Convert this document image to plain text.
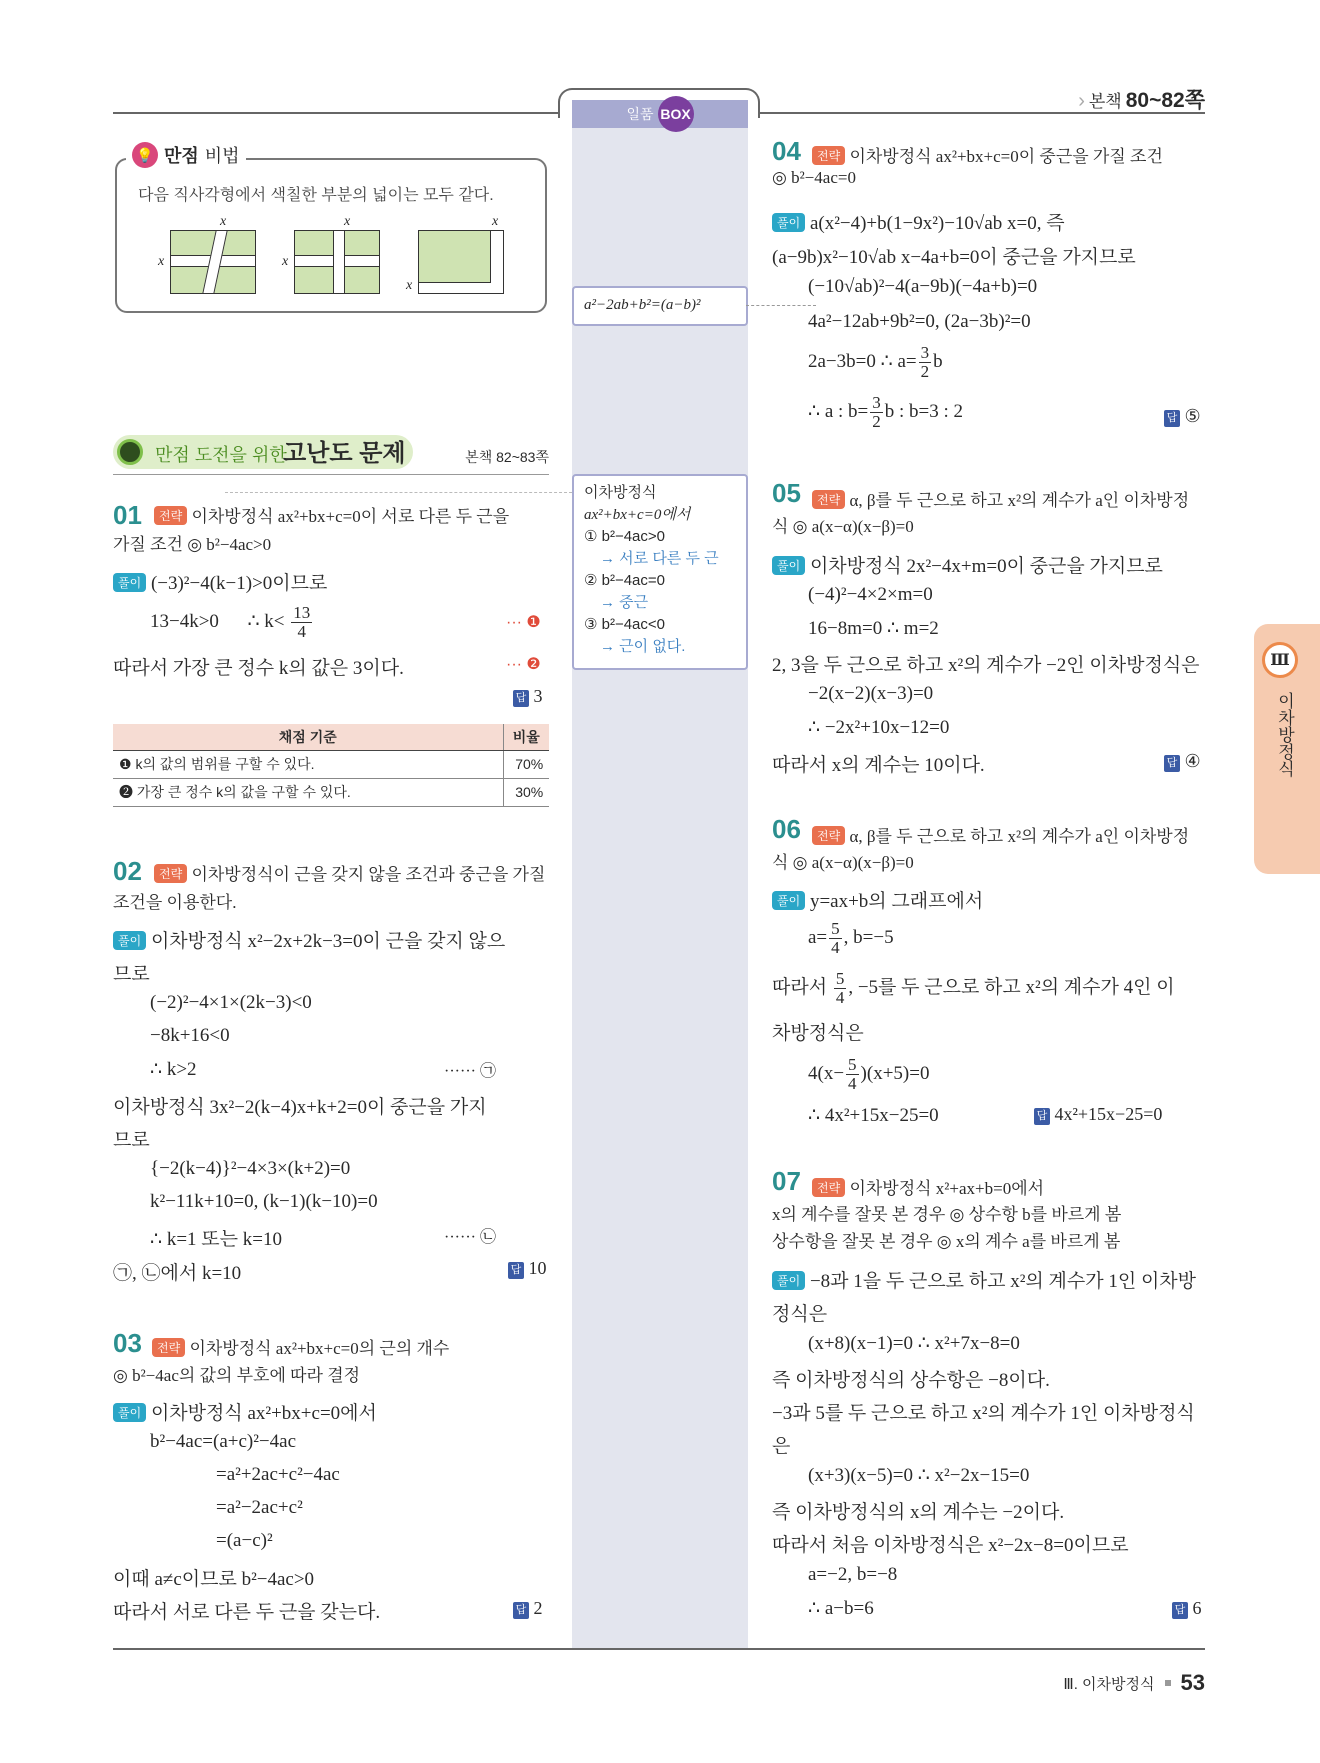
일품 BOX
› 본책 80~82쪽
💡 만점 비법
다음 직사각형에서 색칠한 부분의 넓이는 모두 같다.
x
x
x
x
x
x
만점 도전을 위한
고난도 문제	본책 82~83쪽
01	전략 이차방정식 ax²+bx+c=0이 서로 다른 두 근을
가질 조건 ◎ b²−4ac>0
풀이 (−3)²−4(k−1)>0이므로
13−4k>0 ∴ $k< \frac{13}{4}$	··· ❶
따라서 가장 큰 정수 k의 값은 3이다.	··· ❷
답 3
채점 기준	비율
❶ k의 값의 범위를 구할 수 있다.	70%
❷ 가장 큰 정수 k의 값을 구할 수 있다.	30%
02	전략 이차방정식이 근을 갖지 않을 조건과 중근을 가질
조건을 이용한다.
풀이 이차방정식 x²−2x+2k−3=0이 근을 갖지 않으
므로
(−2)²−4×1×(2k−3)<0
−8k+16<0
∴ k>2	······ ㉠
이차방정식 3x²−2(k−4)x+k+2=0이 중근을 가지
므로
{−2(k−4)}²−4×3×(k+2)=0
k²−11k+10=0, (k−1)(k−10)=0
∴ k=1 또는 k=10	······ ㉡
㉠, ㉡에서 k=10	답 10
03	전략 이차방정식 ax²+bx+c=0의 근의 개수
◎ b²−4ac의 값의 부호에 따라 결정
풀이 이차방정식 ax²+bx+c=0에서
b²−4ac=(a+c)²−4ac
=a²+2ac+c²−4ac
=a²−2ac+c²
=(a−c)²
이때 a≠c이므로 b²−4ac>0
따라서 서로 다른 두 근을 갖는다.	답 2
a²−2ab+b²=(a−b)²
이차방정식
ax²+bx+c=0에서
① b²−4ac>0
→ 서로 다른 두 근
② b²−4ac=0
→ 중근
③ b²−4ac<0
→ 근이 없다.
04	전략 이차방정식 ax²+bx+c=0이 중근을 가질 조건
◎ b²−4ac=0
풀이 a(x²−4)+b(1−9x²)−10√ab x=0, 즉
(a−9b)x²−10√ab x−4a+b=0이 중근을 가지므로
(−10√ab)²−4(a−9b)(−4a+b)=0
4a²−12ab+9b²=0, (2a−3b)²=0
2a−3b=0 ∴ $a= \frac{3}{2}$ b
∴ a : $b= \frac{3}{2}$ b : b=3 : 2	답 ⑤
05	전략 α, β를 두 근으로 하고 x²의 계수가 a인 이차방정
식 ◎ a(x−α)(x−β)=0
풀이 이차방정식 2x²−4x+m=0이 중근을 가지므로
(−4)²−4×2×m=0
16−8m=0 ∴ m=2
2, 3을 두 근으로 하고 x²의 계수가 −2인 이차방정식은
−2(x−2)(x−3)=0
∴ −2x²+10x−12=0
따라서 x의 계수는 10이다.	답 ④
06	전략 α, β를 두 근으로 하고 x²의 계수가 a인 이차방정
식 ◎ a(x−α)(x−β)=0
풀이 y=ax+b의 그래프에서
$a= \frac{5}{4}$ , b=−5
따라서 $\frac{5}{4}$ , −5를 두 근으로 하고 x²의 계수가 4인 이
차방정식은
$4(x- \frac{5}{4} )(x+5)=0$
∴ 4x²+15x−25=0	답 4x²+15x−25=0
07	전략 이차방정식 x²+ax+b=0에서
x의 계수를 잘못 본 경우 ◎ 상수항 b를 바르게 봄
상수항을 잘못 본 경우 ◎ x의 계수 a를 바르게 봄
풀이 −8과 1을 두 근으로 하고 x²의 계수가 1인 이차방
정식은
(x+8)(x−1)=0 ∴ x²+7x−8=0
즉 이차방정식의 상수항은 −8이다.
−3과 5를 두 근으로 하고 x²의 계수가 1인 이차방정식
은
(x+3)(x−5)=0 ∴ x²−2x−15=0
즉 이차방정식의 x의 계수는 −2이다.
따라서 처음 이차방정식은 x²−2x−8=0이므로
a=−2, b=−8
∴ a−b=6	답 6
Ⅲ
이차방정식
Ⅲ. 이차방정식 53
